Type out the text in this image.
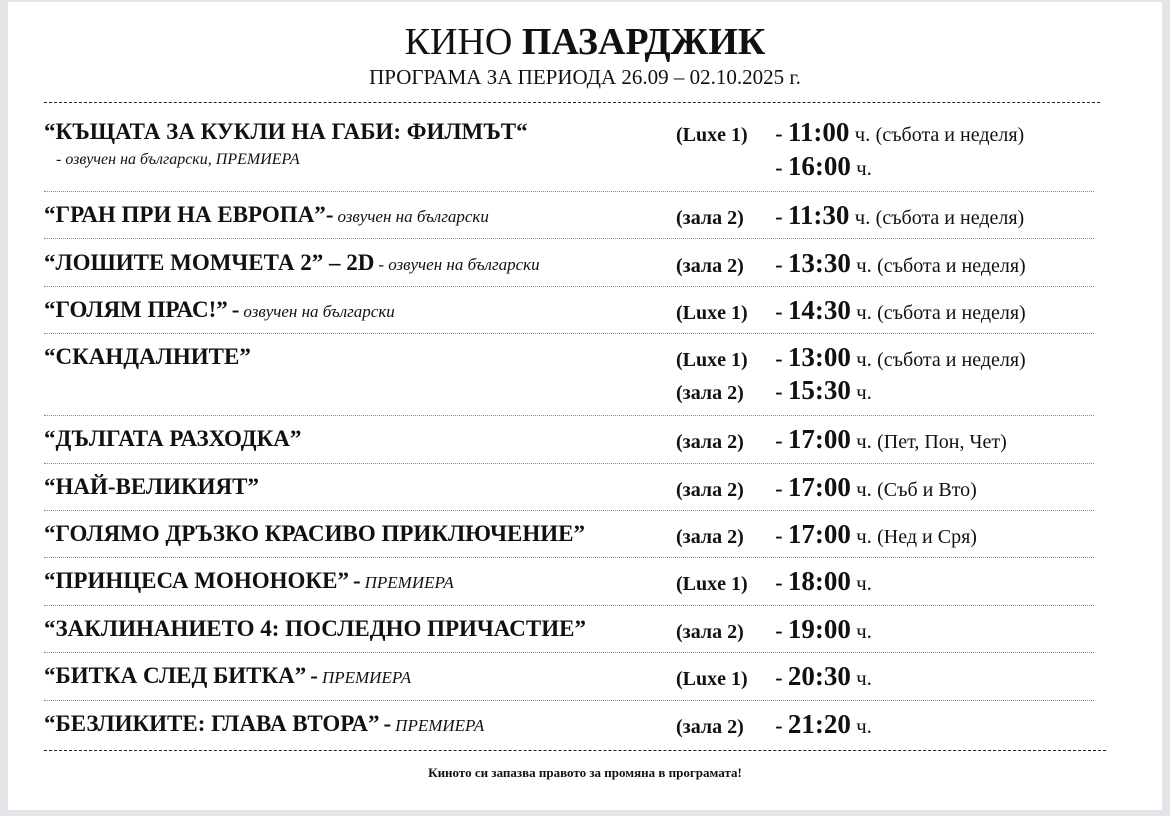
КИНО ПАЗАРДЖИК
ПРОГРАМА ЗА ПЕРИОДА 26.09 – 02.10.2025 г.
“КЪЩАТА ЗА КУКЛИ НА ГАБИ: ФИЛМЪТ“
- озвучен на български, ПРЕМИЕРА
(Luxe 1) - 11:00 ч. (събота и неделя)
- 16:00 ч.
“ГРАН ПРИ НА ЕВРОПА”- озвучен на български	(зала 2) - 11:30 ч. (събота и неделя)
“ЛОШИТЕ МОМЧЕТА 2” – 2D - озвучен на български	(зала 2) - 13:30 ч. (събота и неделя)
“ГОЛЯМ ПРАС!” - озвучен на български	(Luxe 1) - 14:30 ч. (събота и неделя)
“СКАНДАЛНИТЕ”	(Luxe 1) - 13:00 ч. (събота и неделя)
(зала 2) - 15:30 ч.
“ДЪЛГАТА РАЗХОДКА”	(зала 2) - 17:00 ч. (Пет, Пон, Чет)
“НАЙ-ВЕЛИКИЯТ”	(зала 2) - 17:00 ч. (Съб и Вто)
“ГОЛЯМО ДРЪЗКО КРАСИВО ПРИКЛЮЧЕНИЕ”	(зала 2) - 17:00 ч. (Нед и Сря)
“ПРИНЦЕСА МОНОНОКЕ” - ПРЕМИЕРА	(Luxe 1) - 18:00 ч.
“ЗАКЛИНАНИЕТО 4: ПОСЛЕДНО ПРИЧАСТИЕ”	(зала 2) - 19:00 ч.
“БИТКА СЛЕД БИТКА” - ПРЕМИЕРА	(Luxe 1) - 20:30 ч.
“БЕЗЛИКИТЕ: ГЛАВА ВТОРА” - ПРЕМИЕРА	(зала 2) - 21:20 ч.
Киното си запазва правото за промяна в програмата!
